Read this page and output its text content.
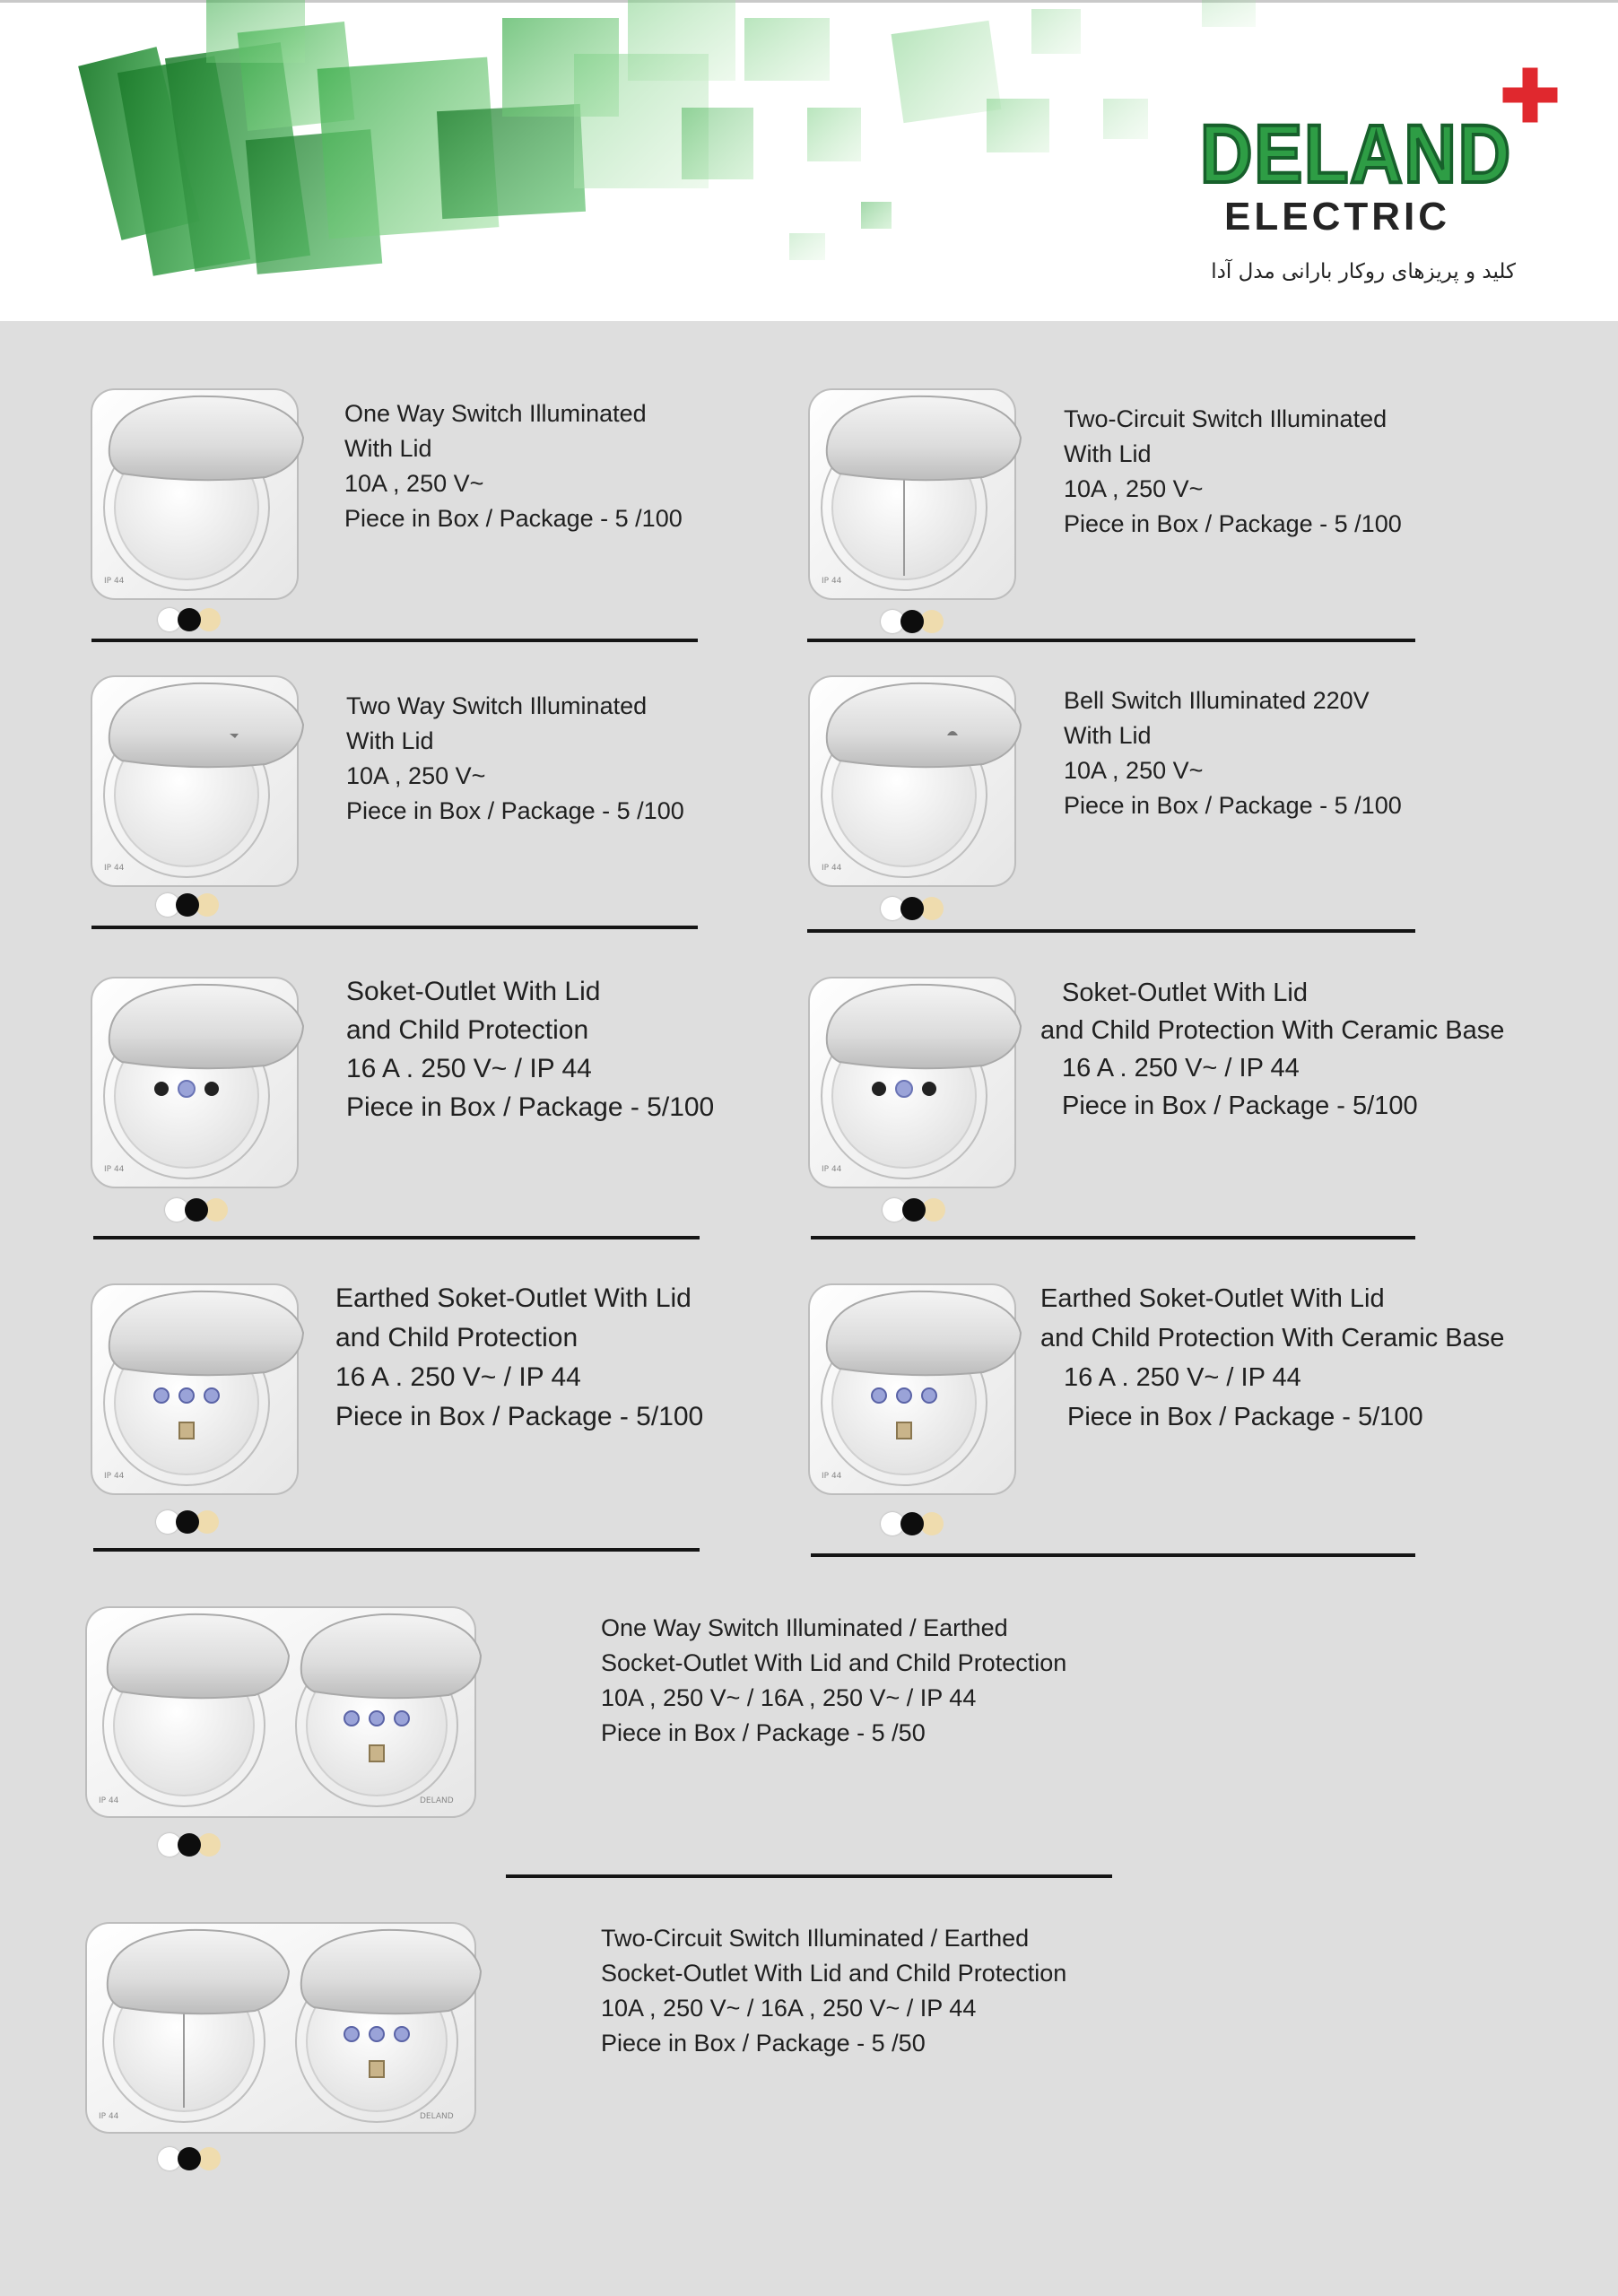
DELAND
ELECTRIC
کلید و پریزهای روکار بارانی مدل آدا
IP 44
One Way Switch Illuminated
With Lid
10A , 250 V~
Piece in Box / Package - 5 /100
IP 44
Two-Circuit Switch Illuminated
With Lid
10A , 250 V~
Piece in Box / Package - 5 /100
IP 44
Two Way Switch Illuminated
With Lid
10A , 250 V~
Piece in Box / Package - 5 /100
IP 44
Bell Switch Illuminated 220V
With Lid
10A , 250 V~
Piece in Box / Package - 5 /100
IP 44
Soket-Outlet With Lid
and Child Protection
16 A . 250 V~ / IP 44
Piece in Box / Package - 5/100
IP 44
Soket-Outlet With Lid
and Child Protection With Ceramic Base
16 A . 250 V~ / IP 44
Piece in Box / Package - 5/100
IP 44
Earthed Soket-Outlet With Lid
and Child Protection
16 A . 250 V~ / IP 44
Piece in Box / Package - 5/100
IP 44
Earthed Soket-Outlet With Lid
and Child Protection With Ceramic Base
16 A . 250 V~ / IP 44
Piece in Box / Package - 5/100
IP 44	DELAND
One Way Switch Illuminated / Earthed
Socket-Outlet With Lid and Child Protection
10A , 250 V~ / 16A , 250 V~ / IP 44
Piece in Box / Package - 5 /50
IP 44	DELAND
Two-Circuit Switch Illuminated / Earthed
Socket-Outlet With Lid and Child Protection
10A , 250 V~ / 16A , 250 V~ / IP 44
Piece in Box / Package - 5 /50
